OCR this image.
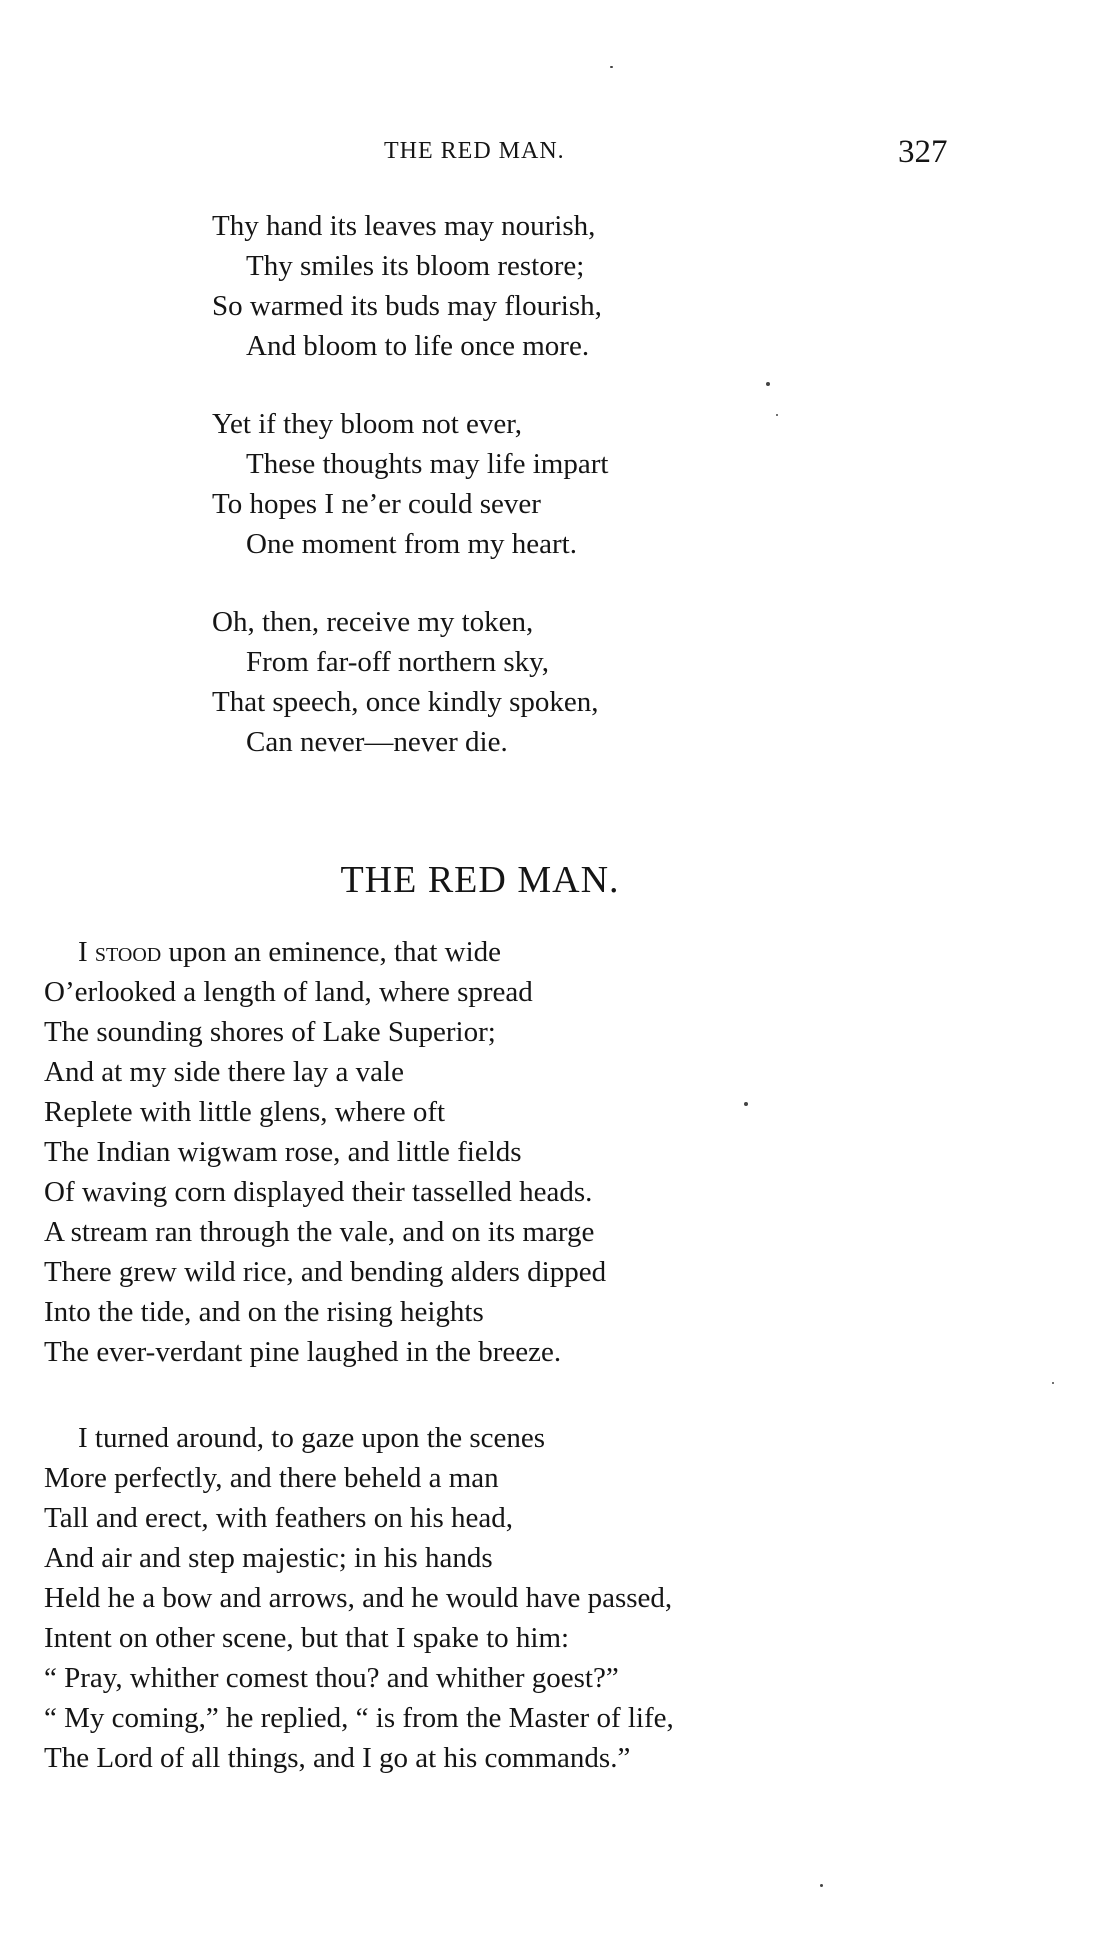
THE RED MAN.	327
Thy hand its leaves may nourish,
Thy smiles its bloom restore;
So warmed its buds may flourish,
And bloom to life once more.
Yet if they bloom not ever,
These thoughts may life impart
To hopes I ne’er could sever
One moment from my heart.
Oh, then, receive my token,
From far-off northern sky,
That speech, once kindly spoken,
Can never—never die.
THE RED MAN.
I stood upon an eminence, that wide
O’erlooked a length of land, where spread
The sounding shores of Lake Superior;
And at my side there lay a vale
Replete with little glens, where oft
The Indian wigwam rose, and little fields
Of waving corn displayed their tasselled heads.
A stream ran through the vale, and on its marge
There grew wild rice, and bending alders dipped
Into the tide, and on the rising heights
The ever-verdant pine laughed in the breeze.
I turned around, to gaze upon the scenes
More perfectly, and there beheld a man
Tall and erect, with feathers on his head,
And air and step majestic; in his hands
Held he a bow and arrows, and he would have passed,
Intent on other scene, but that I spake to him:
“ Pray, whither comest thou? and whither goest?”
“ My coming,” he replied, “ is from the Master of life,
The Lord of all things, and I go at his commands.”
